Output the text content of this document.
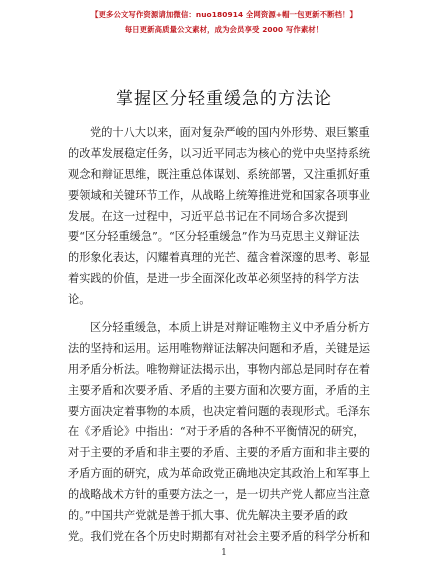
【更多公文写作资源请加微信：nuo180914 全网资源+帽一包更新不断档！】
每日更新高质量公文素材，成为会员享受 2000 写作素材！
掌握区分轻重缓急的方法论
党的十八大以来，面对复杂严峻的国内外形势、艰巨繁重
的改革发展稳定任务，以习近平同志为核心的党中央坚持系统
观念和辩证思维，既注重总体谋划、系统部署，又注重抓好重
要领域和关键环节工作，从战略上统筹推进党和国家各项事业
发展。在这一过程中，习近平总书记在不同场合多次提到
要“区分轻重缓急”。“区分轻重缓急”作为马克思主义辩证法
的形象化表达，闪耀着真理的光芒、蕴含着深邃的思考、彰显
着实践的价值，是进一步全面深化改革必须坚持的科学方法
论。
区分轻重缓急，本质上讲是对辩证唯物主义中矛盾分析方
法的坚持和运用。运用唯物辩证法解决问题和矛盾，关键是运
用矛盾分析法。唯物辩证法揭示出，事物内部总是同时存在着
主要矛盾和次要矛盾、矛盾的主要方面和次要方面，矛盾的主
要方面决定着事物的本质，也决定着问题的表现形式。毛泽东
在《矛盾论》中指出：“对于矛盾的各种不平衡情况的研究，
对于主要的矛盾和非主要的矛盾、主要的矛盾方面和非主要的
矛盾方面的研究，成为革命政党正确地决定其政治上和军事上
的战略战术方针的重要方法之一，是一切共产党人都应当注意
的。”中国共产党就是善于抓大事、优先解决主要矛盾的政
党。我们党在各个历史时期都有对社会主要矛盾的科学分析和
1
